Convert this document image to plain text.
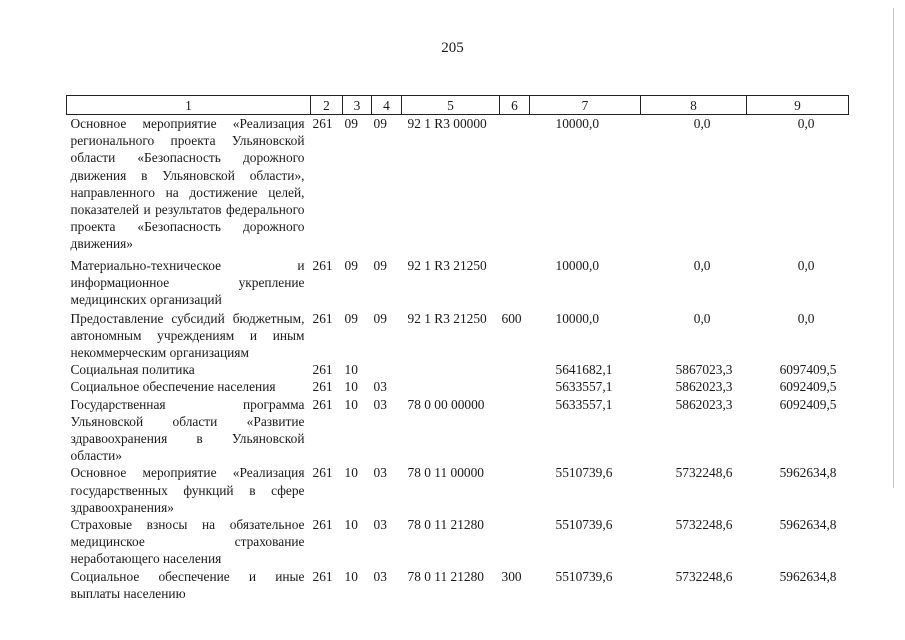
205
1	2	3	4	5	6	7	8	9
Основное мероприятие «Реализация регионального проекта Ульяновской области «Безопасность дорожного движения в Ульяновской области», направленного на достижение целей, показателей и результатов федерального проекта «Безопасность дорожного движения»	261	09	09	92 1 R3 00000		10000,0	0,0	0,0
Материально-техническое и информационное укрепление медицинских организаций	261	09	09	92 1 R3 21250		10000,0	0,0	0,0
Предоставление субсидий бюджетным, автономным учреждениям и иным некоммерческим организациям	261	09	09	92 1 R3 21250	600	10000,0	0,0	0,0
Социальная политика	261	10				5641682,1	5867023,3	6097409,5
Социальное обеспечение населения	261	10	03			5633557,1	5862023,3	6092409,5
Государственная программа Ульяновской области «Развитие здравоохранения в Ульяновской области»	261	10	03	78 0 00 00000		5633557,1	5862023,3	6092409,5
Основное мероприятие «Реализация государственных функций в сфере здравоохранения»	261	10	03	78 0 11 00000		5510739,6	5732248,6	5962634,8
Страховые взносы на обязательное медицинское страхование неработающего населения	261	10	03	78 0 11 21280		5510739,6	5732248,6	5962634,8
Социальное обеспечение и иные выплаты населению	261	10	03	78 0 11 21280	300	5510739,6	5732248,6	5962634,8
